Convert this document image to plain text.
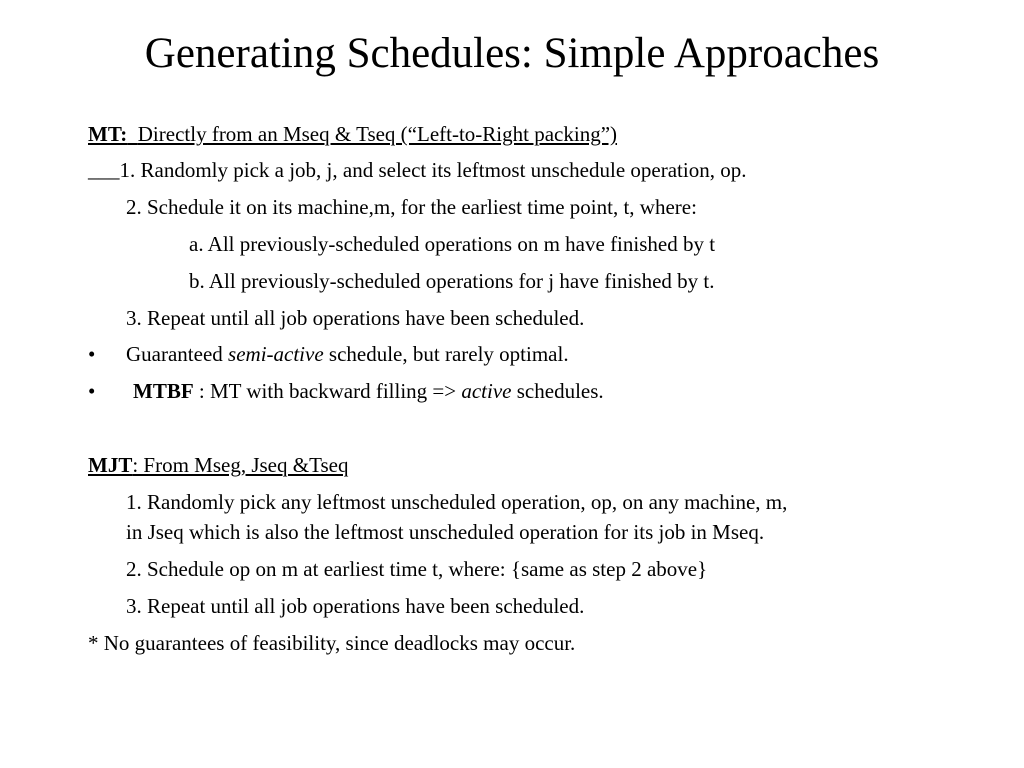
Generating Schedules: Simple Approaches
MT: Directly from an Mseq & Tseq (“Left-to-Right packing”)
___1. Randomly pick a job, j, and select its leftmost unschedule operation, op.
2. Schedule it on its machine,m, for the earliest time point, t, where:
a. All previously-scheduled operations on m have finished by t
b. All previously-scheduled operations for j have finished by t.
3. Repeat until all job operations have been scheduled.
• Guaranteed semi-active schedule, but rarely optimal.
• MTBF : MT with backward filling => active schedules.
MJT: From Mseg, Jseq &Tseq
1. Randomly pick any leftmost unscheduled operation, op, on any machine, m,
in Jseq which is also the leftmost unscheduled operation for its job in Mseq.
2. Schedule op on m at earliest time t, where: {same as step 2 above}
3. Repeat until all job operations have been scheduled.
* No guarantees of feasibility, since deadlocks may occur.
